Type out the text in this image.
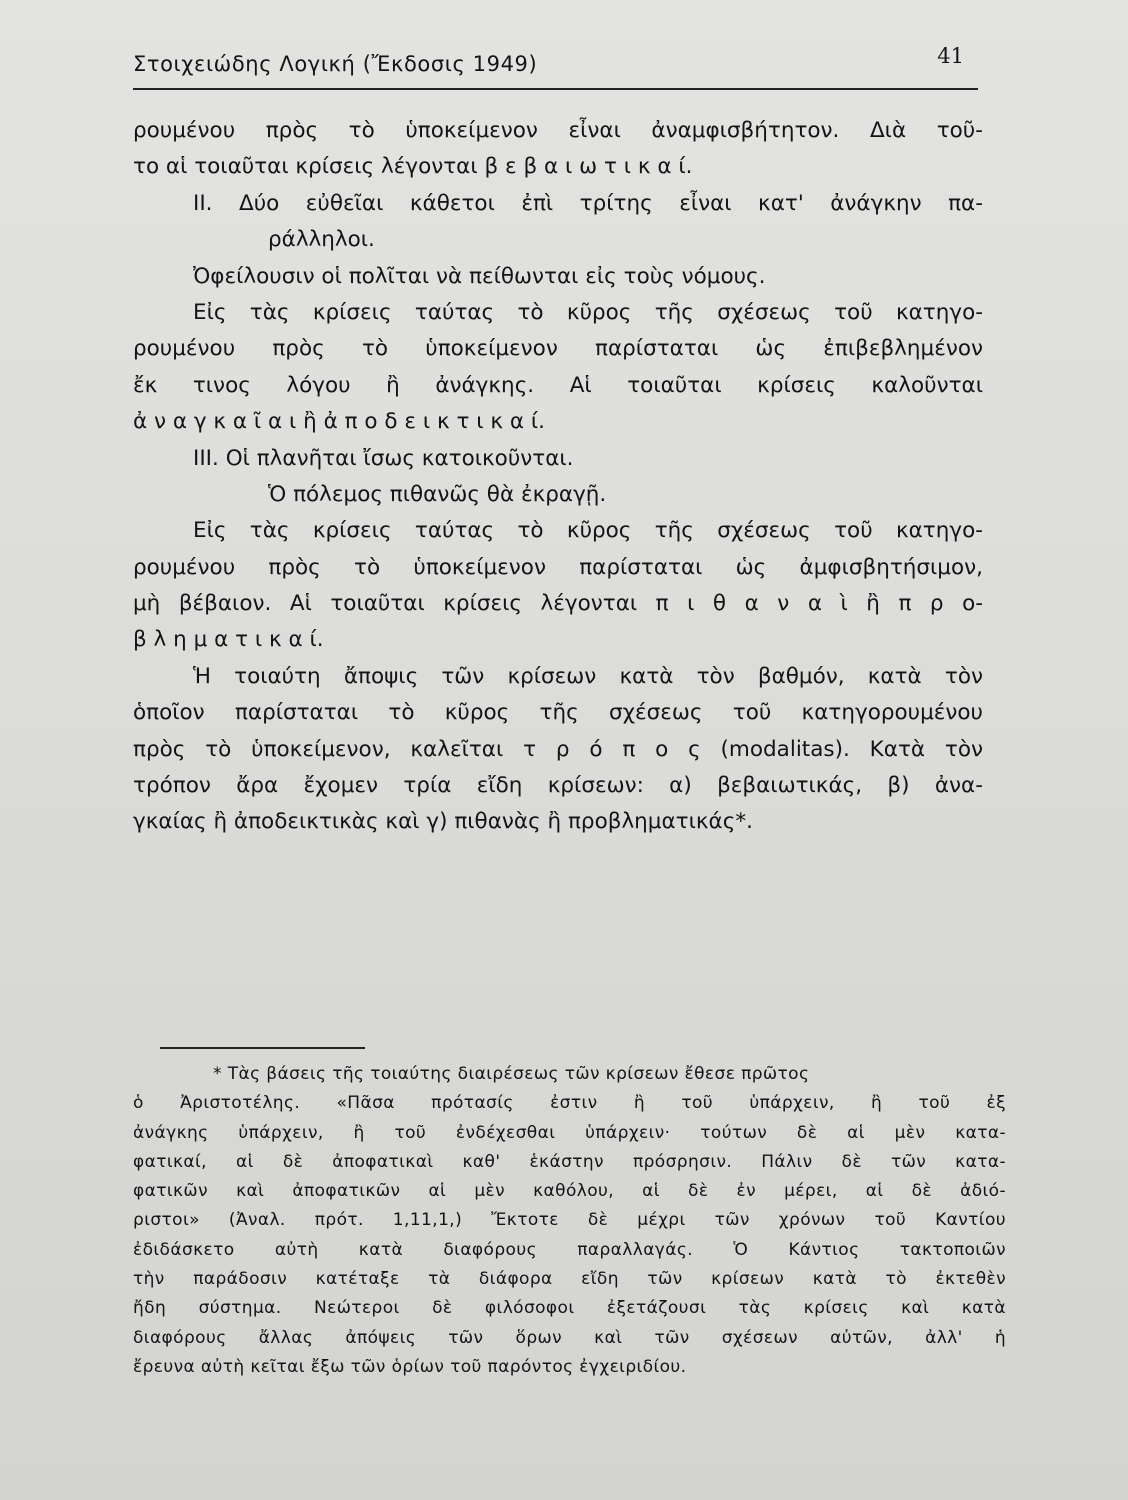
Στοιχειώδης Λογική (Ἔκδοσις 1949)	41
ρουμένου πρὸς τὸ ὑποκείμενον εἶναι ἀναμφισβήτητον. Διὰ τοῦ-
το αἱ τοιαῦται κρίσεις λέγονται β ε β α ι ω τ ι κ α ί.
II. Δύο εὐθεῖαι κάθετοι ἐπὶ τρίτης εἶναι κατ' ἀνάγκην πα-
ράλληλοι.
Ὀφείλουσιν οἱ πολῖται νὰ πείθωνται εἰς τοὺς νόμους.
Εἰς τὰς κρίσεις ταύτας τὸ κῦρος τῆς σχέσεως τοῦ κατηγο-
ρουμένου πρὸς τὸ ὑποκείμενον παρίσταται ὡς ἐπιβεβλημένον
ἔκ τινος λόγου ἢ ἀνάγκης. Αἱ τοιαῦται κρίσεις καλοῦνται
ἀ ν α γ κ α ῖ α ι ἢ ἀ π ο δ ε ι κ τ ι κ α ί.
III. Οἱ πλανῆται ἴσως κατοικοῦνται.
Ὁ πόλεμος πιθανῶς θὰ ἐκραγῇ.
Εἰς τὰς κρίσεις ταύτας τὸ κῦρος τῆς σχέσεως τοῦ κατηγο-
ρουμένου πρὸς τὸ ὑποκείμενον παρίσταται ὡς ἀμφισβητήσιμον,
μὴ βέβαιον. Αἱ τοιαῦται κρίσεις λέγονται π ι θ α ν α ὶ ἢ π ρ ο-
β λ η μ α τ ι κ α ί.
Ἡ τοιαύτη ἄποψις τῶν κρίσεων κατὰ τὸν βαθμόν, κατὰ τὸν
ὁποῖον παρίσταται τὸ κῦρος τῆς σχέσεως τοῦ κατηγορουμένου
πρὸς τὸ ὑποκείμενον, καλεῖται τ ρ ό π ο ς (modalitas). Κατὰ τὸν
τρόπον ἄρα ἔχομεν τρία εἴδη κρίσεων: α) βεβαιωτικάς, β) ἀνα-
γκαίας ἢ ἀποδεικτικὰς καὶ γ) πιθανὰς ἢ προβληματικάς*.
* Τὰς βάσεις τῆς τοιαύτης διαιρέσεως τῶν κρίσεων ἔθεσε πρῶτος
ὁ Ἀριστοτέλης. «Πᾶσα πρότασίς ἐστιν ἢ τοῦ ὑπάρχειν, ἢ τοῦ ἐξ
ἀνάγκης ὑπάρχειν, ἢ τοῦ ἐνδέχεσθαι ὑπάρχειν· τούτων δὲ αἱ μὲν κατα-
φατικαί, αἱ δὲ ἀποφατικαὶ καθ' ἑκάστην πρόσρησιν. Πάλιν δὲ τῶν κατα-
φατικῶν καὶ ἀποφατικῶν αἱ μὲν καθόλου, αἱ δὲ ἐν μέρει, αἱ δὲ ἀδιό-
ριστοι» (Ἀναλ. πρότ. 1,11,1,) Ἔκτοτε δὲ μέχρι τῶν χρόνων τοῦ Καντίου
ἐδιδάσκετο αὐτὴ κατὰ διαφόρους παραλλαγάς. Ὁ Κάντιος τακτοποιῶν
τὴν παράδοσιν κατέταξε τὰ διάφορα εἴδη τῶν κρίσεων κατὰ τὸ ἐκτεθὲν
ἤδη σύστημα. Νεώτεροι δὲ φιλόσοφοι ἐξετάζουσι τὰς κρίσεις καὶ κατὰ
διαφόρους ἄλλας ἀπόψεις τῶν ὅρων καὶ τῶν σχέσεων αὐτῶν, ἀλλ' ἡ
ἔρευνα αὐτὴ κεῖται ἔξω τῶν ὁρίων τοῦ παρόντος ἐγχειριδίου.
